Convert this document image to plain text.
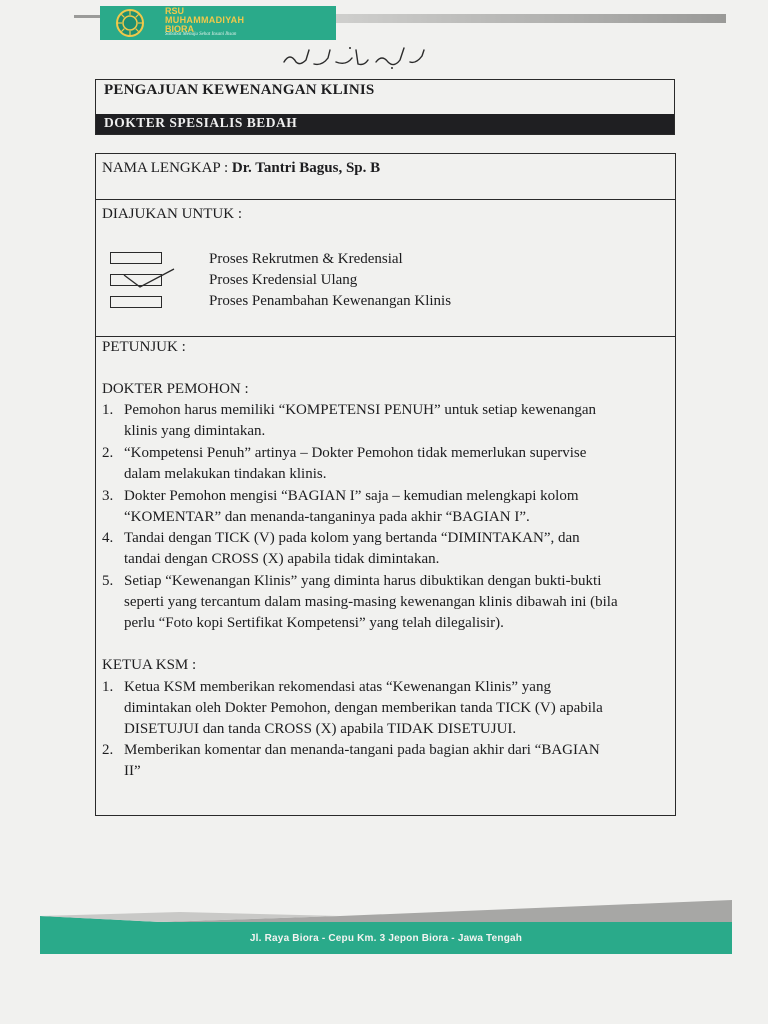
RSU
MUHAMMADIYAH
BIORA
Sahabat Menuju Sehat Insani Ihsan
PENGAJUAN KEWENANGAN KLINIS
DOKTER SPESIALIS BEDAH
NAMA LENGKAP : Dr. Tantri Bagus, Sp. B
DIAJUKAN UNTUK :
Proses Rekrutmen & Kredensial
Proses Kredensial Ulang
Proses Penambahan Kewenangan Klinis
PETUNJUK :
DOKTER PEMOHON :
1. Pemohon harus memiliki “KOMPETENSI PENUH” untuk setiap kewenangan
klinis yang dimintakan.
2. “Kompetensi Penuh” artinya – Dokter Pemohon tidak memerlukan supervise
dalam melakukan tindakan klinis.
3. Dokter Pemohon mengisi “BAGIAN I” saja – kemudian melengkapi kolom
“KOMENTAR” dan menanda-tanganinya pada akhir “BAGIAN I”.
4. Tandai dengan TICK (V) pada kolom yang bertanda “DIMINTAKAN”, dan
tandai dengan CROSS (X) apabila tidak dimintakan.
5. Setiap “Kewenangan Klinis” yang diminta harus dibuktikan dengan bukti-bukti
seperti yang tercantum dalam masing-masing kewenangan klinis dibawah ini (bila
perlu “Foto kopi Sertifikat Kompetensi” yang telah dilegalisir).
KETUA KSM :
1. Ketua KSM memberikan rekomendasi atas “Kewenangan Klinis” yang
dimintakan oleh Dokter Pemohon, dengan memberikan tanda TICK (V) apabila
DISETUJUI dan tanda CROSS (X) apabila TIDAK DISETUJUI.
2. Memberikan komentar dan menanda-tangani pada bagian akhir dari “BAGIAN
II”
Jl. Raya Biora - Cepu Km. 3 Jepon Biora - Jawa Tengah
